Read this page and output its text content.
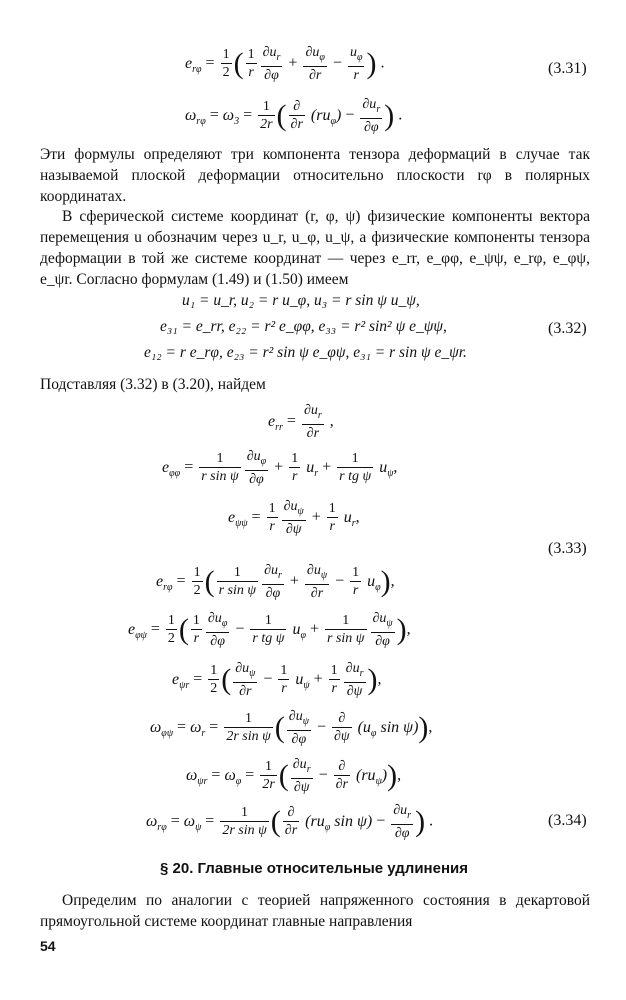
$e_{r\varphi} = \frac{1}{2}$ ( $\frac{1}{r} \frac{\partial u_r}{\partial\varphi} + \frac{\partial u_\varphi}{\partial r} - \frac{u_\varphi}{r}$ ) .	(3.31)
$\omega_{r\varphi} = \omega_3 = \frac{1}{2r}$ ( ∂
∂r
$(ru_\varphi) - \frac{\partial u_r}{\partial\varphi}$ ) .
Эти формулы определяют три компонента тензора деформаций в случае так называемой плоской деформации относительно плоскости rφ в полярных координатах.
В сферической системе координат (r, φ, ψ) физические компоненты вектора перемещения u обозначим через u_r, u_φ, u_ψ, а физические компоненты тензора деформации в той же системе координат — через e_rr, e_φφ, e_ψψ, e_rφ, e_φψ, e_ψr. Согласно формулам (1.49) и (1.50) имеем
u₁ = u_r, u₂ = r u_φ, u₃ = r sin ψ u_ψ,
e₃₁ = e_rr, e₂₂ = r² e_φφ, e₃₃ = r² sin² ψ e_ψψ,	(3.32)
e₁₂ = r e_rφ, e₂₃ = r² sin ψ e_φψ, e₃₁ = r sin ψ e_ψr.
Подставляя (3.32) в (3.20), найдем
$e_{rr} = \frac{\partial u_r}{\partial r}$ ,
$e_{\varphi\varphi} = \frac{1}{\text{r sin ψ}} \frac{\partial u_\varphi}{\partial\varphi} + \frac{1}{r} u_r + \frac{1}{\text{r tg ψ}} u_\psi$,
$e_{\psi\psi} = \frac{1}{r} \frac{\partial u_\psi}{\partial\psi} + \frac{1}{r} u_r$,
(3.33)
$e_{r\varphi} = \frac{1}{2}$ ( $\frac{1}{\text{r sin ψ}} \frac{\partial u_r}{\partial\varphi} + \frac{\partial u_\psi}{\partial r} - \frac{1}{r} u_\varphi$),
$e_{\varphi\psi} = \frac{1}{2}$ ( $\frac{1}{r} \frac{\partial u_\varphi}{\partial\varphi} - \frac{1}{\text{r tg ψ}} u_\varphi + \frac{1}{\text{r sin ψ}} \frac{\partial u_\psi}{\partial\varphi}$ ),
$e_{\psi r} = \frac{1}{2}$ ( $\frac{\partial u_\psi}{\partial r} - \frac{1}{r} u_\psi + \frac{1}{r} \frac{\partial u_r}{\partial\psi}$ ),
$\omega_{\varphi\psi} = \omega_r = \frac{1}{\text{2r sin ψ}}$ ( $\frac{\partial u_\psi}{\partial\varphi}$ − ∂
∂ψ
($u_\varphi$ sin ψ)),
$\omega_{\psi r} = \omega_\varphi = \frac{1}{2r}$ ( $\frac{\partial u_r}{\partial\psi}$ − ∂
∂r
$(ru_\psi)$),
$\omega_{r\varphi} = \omega_\psi = \frac{1}{\text{2r sin ψ}}$ ( ∂
∂r
($ru_\varphi$ $\sin \psi) - \frac{\partial u_r}{\partial\varphi}$ ) .	(3.34)
§ 20. Главные относительные удлинения
Определим по аналогии с теорией напряженного состояния в декартовой прямоугольной системе координат главные направления
54
